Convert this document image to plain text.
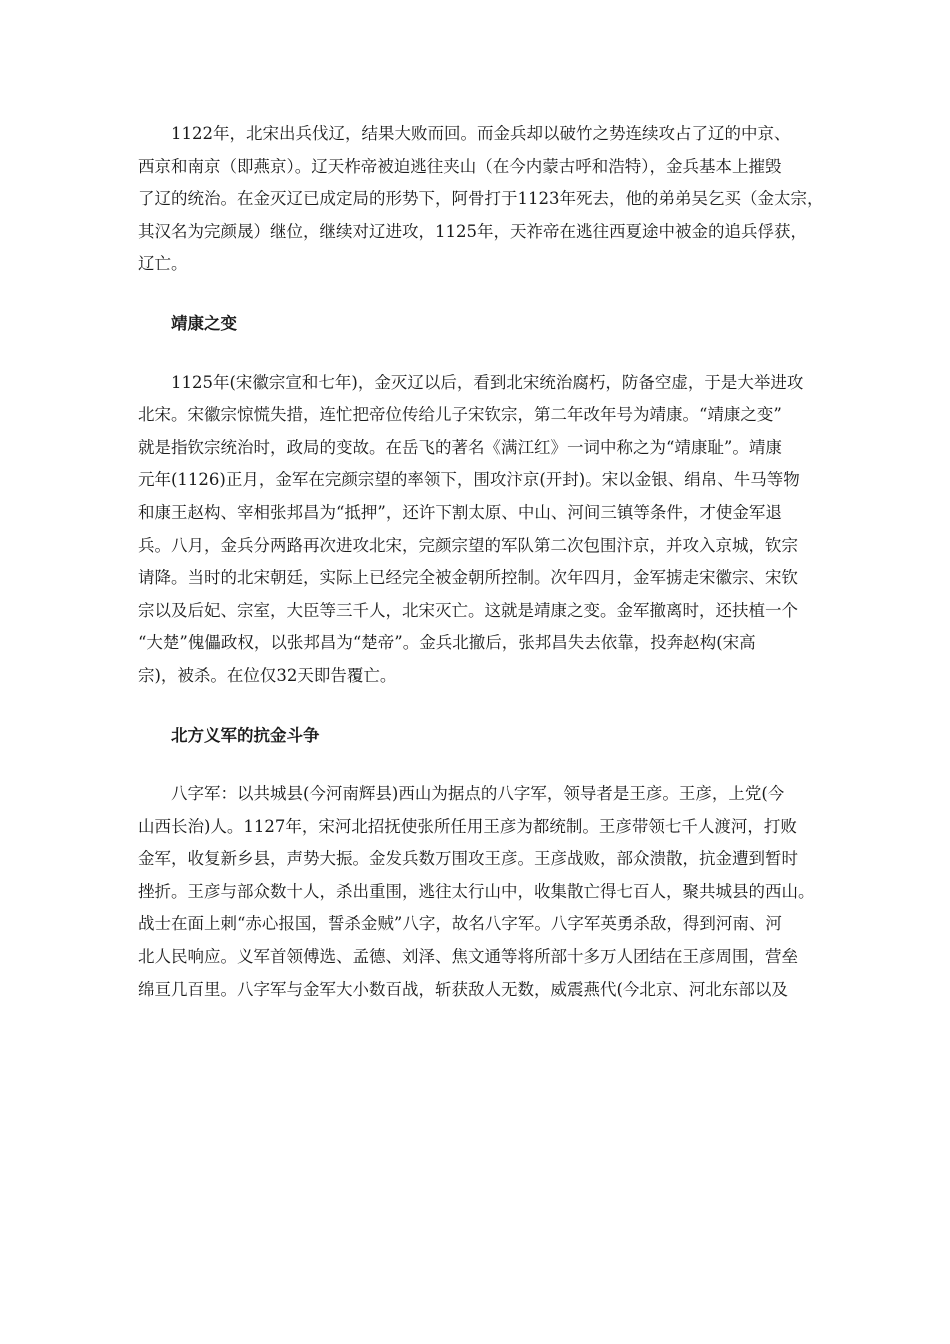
1122年，北宋出兵伐辽，结果大败而回。而金兵却以破竹之势连续攻占了辽的中京、
西京和南京（即燕京）。辽天柞帝被迫逃往夹山（在今内蒙古呼和浩特），金兵基本上摧毁
了辽的统治。在金灭辽已成定局的形势下，阿骨打于1123年死去，他的弟弟吴乞买（金太宗，
其汉名为完颜晟）继位，继续对辽进攻，1125年，天祚帝在逃往西夏途中被金的追兵俘获，
辽亡。
靖康之变
1125年(宋徽宗宣和七年)，金灭辽以后，看到北宋统治腐朽，防备空虚，于是大举进攻
北宋。宋徽宗惊慌失措，连忙把帝位传给儿子宋钦宗，第二年改年号为靖康。“靖康之变”
就是指钦宗统治时，政局的变故。在岳飞的著名《满江红》一词中称之为“靖康耻”。靖康
元年(1126)正月，金军在完颜宗望的率领下，围攻汴京(开封)。宋以金银、绢帛、牛马等物
和康王赵构、宰相张邦昌为“抵押”，还许下割太原、中山、河间三镇等条件，才使金军退
兵。八月，金兵分两路再次进攻北宋，完颜宗望的军队第二次包围汴京，并攻入京城，钦宗
请降。当时的北宋朝廷，实际上已经完全被金朝所控制。次年四月，金军掳走宋徽宗、宋钦
宗以及后妃、宗室，大臣等三千人，北宋灭亡。这就是靖康之变。金军撤离时，还扶植一个
“大楚”傀儡政权，以张邦昌为“楚帝”。金兵北撤后，张邦昌失去依靠，投奔赵构(宋高
宗)，被杀。在位仅32天即告覆亡。
北方义军的抗金斗争
八字军：以共城县(今河南辉县)西山为据点的八字军，领导者是王彦。王彦，上党(今
山西长治)人。1127年，宋河北招抚使张所任用王彦为都统制。王彦带领七千人渡河，打败
金军，收复新乡县，声势大振。金发兵数万围攻王彦。王彦战败，部众溃散，抗金遭到暂时
挫折。王彦与部众数十人，杀出重围，逃往太行山中，收集散亡得七百人，聚共城县的西山。
战士在面上刺“赤心报国，誓杀金贼”八字，故名八字军。八字军英勇杀敌，得到河南、河
北人民响应。义军首领傅选、孟德、刘泽、焦文通等将所部十多万人团结在王彦周围，营垒
绵亘几百里。八字军与金军大小数百战，斩获敌人无数，威震燕代(今北京、河北东部以及
